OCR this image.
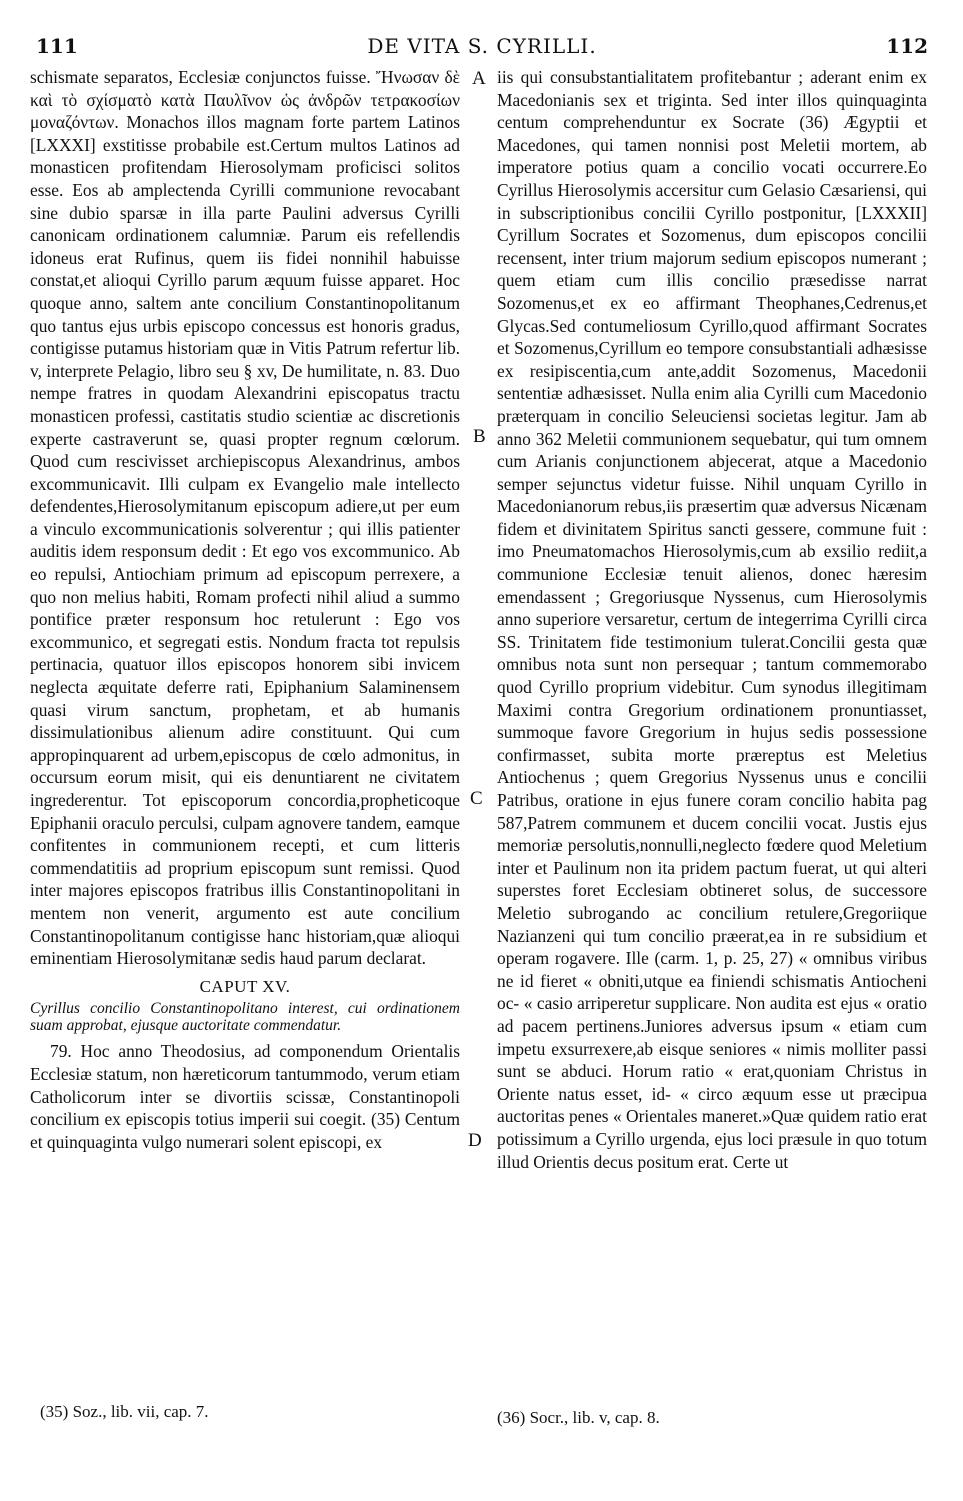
111	DE VITA S. CYRILLI.	112

schismate separatos, Ecclesiæ conjunctos fuisse. Ἤνωσαν δὲ καὶ τὸ σχίσματὸ κατὰ Παυλῖνον ὡς ἀνδρῶν τετρακοσίων μοναζόντων. Monachos illos magnam forte partem Latinos [LXXXI] exstitisse probabile est.Certum multos Latinos ad monasticen profitendam Hierosolymam proficisci solitos esse. Eos ab amplectenda Cyrilli communione revocabant sine dubio sparsæ in illa parte Paulini adversus Cyrilli canonicam ordinationem calumniæ. Parum eis refellendis idoneus erat Rufinus, quem iis fidei nonnihil habuisse constat,et alioqui Cyrillo parum æquum fuisse apparet. Hoc quoque anno, saltem ante concilium Constantinopolitanum quo tantus ejus urbis episcopo concessus est honoris gradus, contigisse putamus historiam quæ in Vitis Patrum refertur lib. v, interprete Pelagio, libro seu § xv, De humilitate, n. 83. Duo nempe fratres in quodam Alexandrini episcopatus tractu monasticen professi, castitatis studio scientiæ ac discretionis experte castraverunt se, quasi propter regnum cœlorum. Quod cum rescivisset archiepiscopus Alexandrinus, ambos excommunicavit. Illi culpam ex Evangelio male intellecto defendentes,Hierosolymitanum episcopum adiere,ut per eum a vinculo excommunicationis solverentur ; qui illis patienter auditis idem responsum dedit : Et ego vos excommunico. Ab eo repulsi, Antiochiam primum ad episcopum perrexere, a quo non melius habiti, Romam profecti nihil aliud a summo pontifice præter responsum hoc retulerunt : Ego vos excommunico, et segregati estis. Nondum fracta tot repulsis pertinacia, quatuor illos episcopos honorem sibi invicem neglecta æquitate deferre rati, Epiphanium Salaminensem quasi virum sanctum, prophetam, et ab humanis dissimulationibus alienum adire constituunt. Qui cum appropinquarent ad urbem,episcopus de cœlo admonitus, in occursum eorum misit, qui eis denuntiarent ne civitatem ingrederentur. Tot episcoporum concordia,propheticoque Epiphanii oraculo perculsi, culpam agnovere tandem, eamque confitentes in communionem recepti, et cum litteris commendatitiis ad proprium episcopum sunt remissi. Quod inter majores episcopos fratribus illis Constantinopolitani in mentem non venerit, argumento est aute concilium Constantinopolitanum contigisse hanc historiam,quæ alioqui eminentiam Hierosolymitanæ sedis haud parum declarat.

CAPUT XV.
Cyrillus concilio Constantinopolitano interest, cui ordinationem suam approbat, ejusque auctoritate commendatur.

79. Hoc anno Theodosius, ad componendum Orientalis Ecclesiæ statum, non hæreticorum tantummodo, verum etiam Catholicorum inter se divortiis scissæ, Constantinopoli concilium ex episcopis totius imperii sui coegit. (35) Centum et quinquaginta vulgo numerari solent episcopi, ex

iis qui consubstantialitatem profitebantur ; aderant enim ex Macedonianis sex et triginta. Sed inter illos quinquaginta centum comprehenduntur ex Socrate (36) Ægyptii et Macedones, qui tamen nonnisi post Meletii mortem, ab imperatore potius quam a concilio vocati occurrere.Eo Cyrillus Hierosolymis accersitur cum Gelasio Cæsariensi, qui in subscriptionibus concilii Cyrillo postponitur, [LXXXII] Cyrillum Socrates et Sozomenus, dum episcopos concilii recensent, inter trium majorum sedium episcopos numerant ; quem etiam cum illis concilio præsedisse narrat Sozomenus,et ex eo affirmant Theophanes,Cedrenus,et Glycas.Sed contumeliosum Cyrillo,quod affirmant Socrates et Sozomenus,Cyrillum eo tempore consubstantiali adhæsisse ex resipiscentia,cum ante,addit Sozomenus, Macedonii sententiæ adhæsisset. Nulla enim alia Cyrilli cum Macedonio præterquam in concilio Seleuciensi societas legitur. Jam ab anno 362 Meletii communionem sequebatur, qui tum omnem cum Arianis conjunctionem abjecerat, atque a Macedonio semper sejunctus videtur fuisse. Nihil unquam Cyrillo in Macedonianorum rebus,iis præsertim quæ adversus Nicænam fidem et divinitatem Spiritus sancti gessere, commune fuit : imo Pneumatomachos Hierosolymis,cum ab exsilio rediit,a communione Ecclesiæ tenuit alienos, donec hæresim emendassent ; Gregoriusque Nyssenus, cum Hierosolymis anno superiore versaretur, certum de integerrima Cyrilli circa SS. Trinitatem fide testimonium tulerat.Concilii gesta quæ omnibus nota sunt non persequar ; tantum commemorabo quod Cyrillo proprium videbitur. Cum synodus illegitimam Maximi contra Gregorium ordinationem pronuntiasset, summoque favore Gregorium in hujus sedis possessione confirmasset, subita morte præreptus est Meletius Antiochenus ; quem Gregorius Nyssenus unus e concilii Patribus, oratione in ejus funere coram concilio habita pag 587,Patrem communem et ducem concilii vocat. Justis ejus memoriæ persolutis,nonnulli,neglecto fœdere quod Meletium inter et Paulinum non ita pridem pactum fuerat, ut qui alteri superstes foret Ecclesiam obtineret solus, de successore Meletio subrogando ac concilium retulere,Gregoriique Nazianzeni qui tum concilio præerat,ea in re subsidium et operam rogavere. Ille (carm. 1, p. 25, 27) « omnibus viribus ne id fieret « obniti,utque ea finiendi schismatis Antiocheni oc- « casio arriperetur supplicare. Non audita est ejus « oratio ad pacem pertinens.Juniores adversus ipsum « etiam cum impetu exsurrexere,ab eisque seniores « nimis molliter passi sunt se abduci. Horum ratio « erat,quoniam Christus in Oriente natus esset, id- « circo æquum esse ut præcipua auctoritas penes « Orientales maneret.»Quæ quidem ratio erat potissimum a Cyrillo urgenda, ejus loci præsule in quo totum illud Orientis decus positum erat. Certe ut

A
B
C
D
(35) Soz., lib. vii, cap. 7.	(36) Socr., lib. v, cap. 8.
